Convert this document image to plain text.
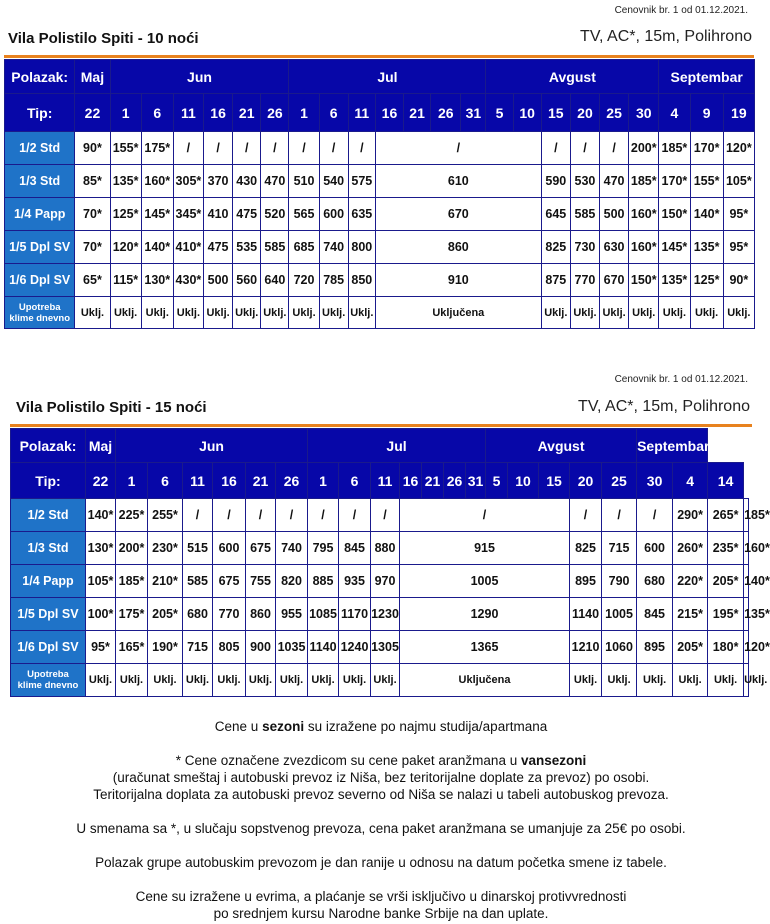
Cenovnik br. 1 od 01.12.2021.
Vila Polistilo Spiti - 10 noći	TV, AC*, 15m, Polihrono
Polazak:	Maj	Jun						Jul							Avgust						Septembar		
Tip:	22	1	6	11	16	21	26	1	6	11	16	21	26	31	5	10	15	20	25	30	4	9	19
1/2 Std	90*	155*	175*	/	/	/	/	/	/	/	/						/	/	/	200*	185*	170*	120*
1/3 Std	85*	135*	160*	305*	370	430	470	510	540	575	610						590	530	470	185*	170*	155*	105*
1/4 Papp	70*	125*	145*	345*	410	475	520	565	600	635	670						645	585	500	160*	150*	140*	95*
1/5 Dpl SV	70*	120*	140*	410*	475	535	585	685	740	800	860						825	730	630	160*	145*	135*	95*
1/6 Dpl SV	65*	115*	130*	430*	500	560	640	720	785	850	910						875	770	670	150*	135*	125*	90*

Upotreba
klime dnevno	Uklj.	Uklj.	Uklj.	Uklj.	Uklj.	Uklj.	Uklj.	Uklj.	Uklj.	Uklj.	Uključena						Uklj.	Uklj.	Uklj.	Uklj.	Uklj.	Uklj.	Uklj.
Cenovnik br. 1 od 01.12.2021.
Vila Polistilo Spiti - 15 noći	TV, AC*, 15m, Polihrono
Polazak:	Maj	Jun						Jul							Avgust					Septembar			
Tip:	22	1	6	11	16	21	26	1	6	11	16	21	26	31	5	10	15	20	25	30	4	14	
1/2 Std	140*	225*	255*	/	/	/	/	/	/	/	/							/	/	/	290*	265*	185*
1/3 Std	130*	200*	230*	515	600	675	740	795	845	880	915							825	715	600	260*	235*	160*
1/4 Papp	105*	185*	210*	585	675	755	820	885	935	970	1005							895	790	680	220*	205*	140*
1/5 Dpl SV	100*	175*	205*	680	770	860	955	1085	1170	1230	1290							1140	1005	845	215*	195*	135*
1/6 Dpl SV	95*	165*	190*	715	805	900	1035	1140	1240	1305	1365							1210	1060	895	205*	180*	120*

Upotreba
klime dnevno	Uklj.	Uklj.	Uklj.	Uklj.	Uklj.	Uklj.	Uklj.	Uklj.	Uklj.	Uklj.	Uključena							Uklj.	Uklj.	Uklj.	Uklj.	Uklj.	Uklj.

Cene u sezoni su izražene po najmu studija/apartmana

* Cene označene zvezdicom su cene paket aranžmana u vansezoni

(uračunat smeštaj i autobuski prevoz iz Niša, bez teritorijalne doplate za prevoz) po osobi.

Teritorijalna doplata za autobuski prevoz severno od Niša se nalazi u tabeli autobuskog prevoza.

U smenama sa *, u slučaju sopstvenog prevoza, cena paket aranžmana se umanjuje za 25€ po osobi.

Polazak grupe autobuskim prevozom je dan ranije u odnosu na datum početka smene iz tabele.

Cene su izražene u evrima, a plaćanje se vrši isključivo u dinarskoj protivvrednosti

po srednjem kursu Narodne banke Srbije na dan uplate.
